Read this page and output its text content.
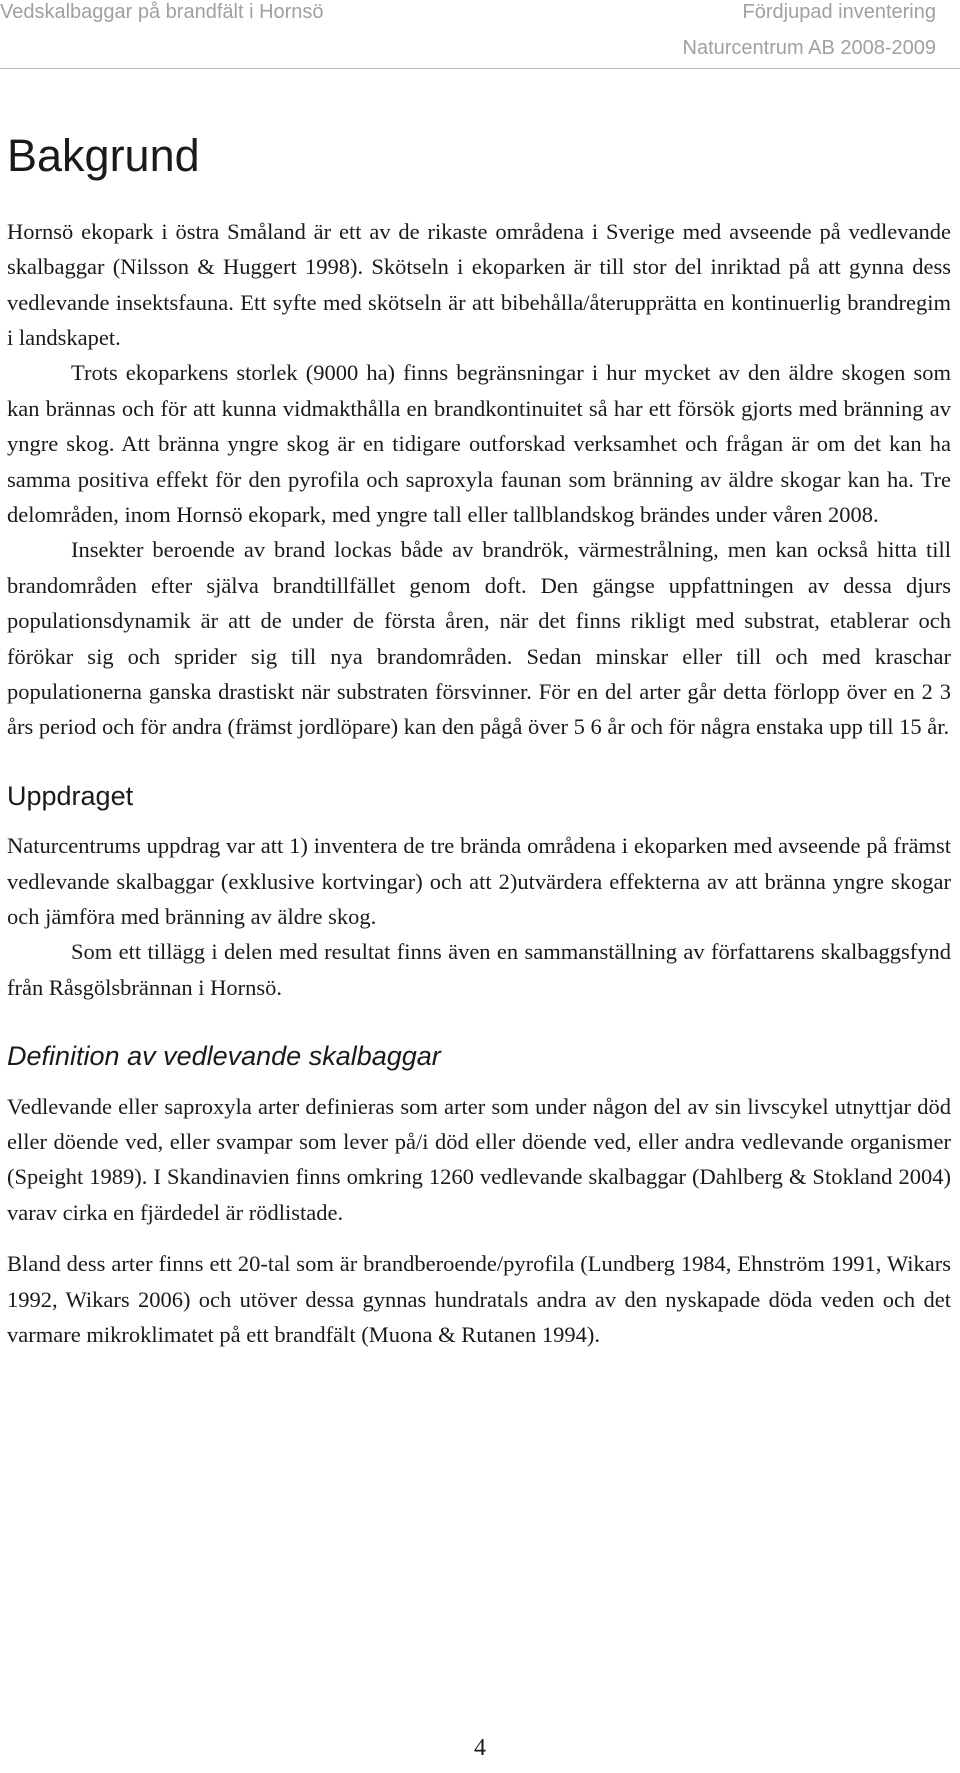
Vedskalbaggar på brandfält i Hornsö	Fördjupad inventering
Naturcentrum AB 2008-2009
Bakgrund

Hornsö ekopark i östra Småland är ett av de rikaste områdena i Sverige med avseende på vedlevande skalbaggar (Nilsson & Huggert 1998). Skötseln i ekoparken är till stor del inriktad på att gynna dess vedlevande insektsfauna. Ett syfte med skötseln är att bibehålla/återupprätta en kontinuerlig brandregim i landskapet.

Trots ekoparkens storlek (9000 ha) finns begränsningar i hur mycket av den äldre skogen som kan brännas och för att kunna vidmakthålla en brandkontinuitet så har ett försök gjorts med bränning av yngre skog. Att bränna yngre skog är en tidigare outforskad verksamhet och frågan är om det kan ha samma positiva effekt för den pyrofila och saproxyla faunan som bränning av äldre skogar kan ha. Tre delområden, inom Hornsö ekopark, med yngre tall eller tallblandskog brändes under våren 2008.

Insekter beroende av brand lockas både av brandrök, värmestrålning, men kan också hitta till brandområden efter själva brandtillfället genom doft. Den gängse uppfattningen av dessa djurs populationsdynamik är att de under de första åren, när det finns rikligt med substrat, etablerar och förökar sig och sprider sig till nya brandområden. Sedan minskar eller till och med kraschar populationerna ganska drastiskt när substraten försvinner. För en del arter går detta förlopp över en 2 3 års period och för andra (främst jordlöpare) kan den pågå över 5 6 år och för några enstaka upp till 15 år.

Uppdraget

Naturcentrums uppdrag var att 1) inventera de tre brända områdena i ekoparken med avseende på främst vedlevande skalbaggar (exklusive kortvingar) och att 2)utvärdera effekterna av att bränna yngre skogar och jämföra med bränning av äldre skog.

Som ett tillägg i delen med resultat finns även en sammanställning av författarens skalbaggsfynd från Råsgölsbrännan i Hornsö.

Definition av vedlevande skalbaggar

Vedlevande eller saproxyla arter definieras som arter som under någon del av sin livscykel utnyttjar död eller döende ved, eller svampar som lever på/i död eller döende ved, eller andra vedlevande organismer (Speight 1989). I Skandinavien finns omkring 1260 vedlevande skalbaggar (Dahlberg & Stokland 2004) varav cirka en fjärdedel är rödlistade.

Bland dess arter finns ett 20-tal som är brandberoende/pyrofila (Lundberg 1984, Ehnström 1991, Wikars 1992, Wikars 2006) och utöver dessa gynnas hundratals andra av den nyskapade döda veden och det varmare mikroklimatet på ett brandfält (Muona & Rutanen 1994).

4
